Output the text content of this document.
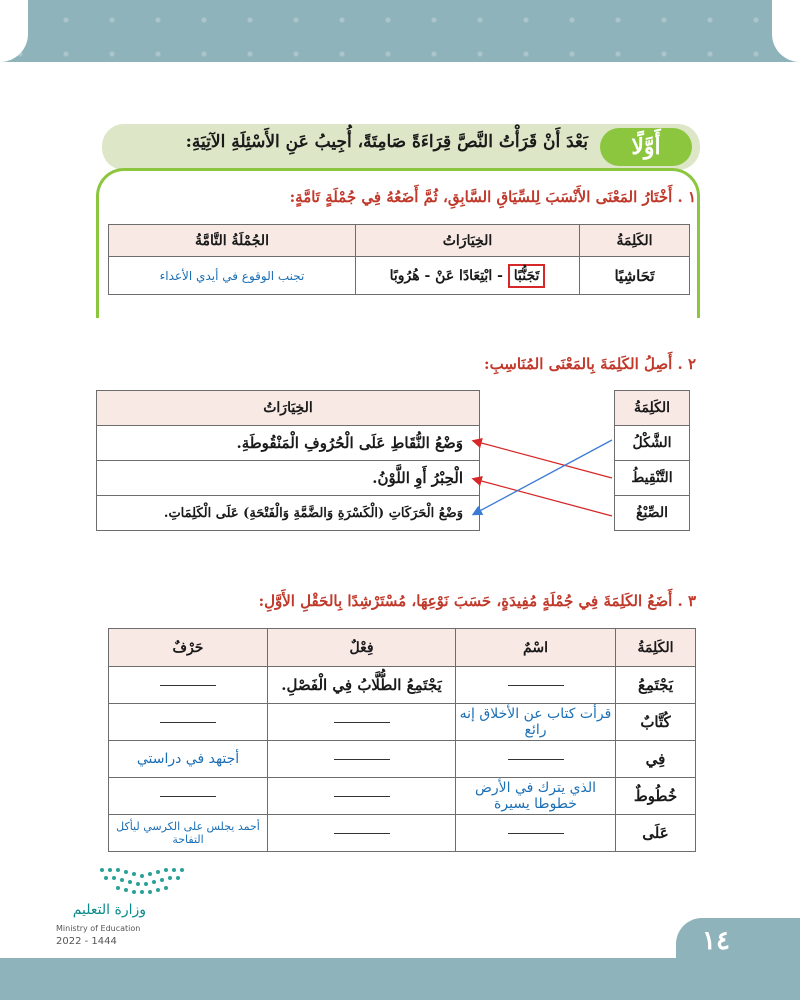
أَوَّلًا
بَعْدَ أَنْ قَرَأْتُ النَّصَّ قِرَاءَةً صَامِتَةً، أُجِيبُ عَنِ الأَسْئِلَةِ الآتِيَةِ:
١ . أَخْتَارُ المَعْنَى الأَنْسَبَ لِلسِّيَاقِ السَّابِقِ، ثُمَّ أَضَعُهُ فِي جُمْلَةٍ تَامَّةٍ:
الكَلِمَةُ	الخِيَارَاتُ	الجُمْلَةُ التَّامَّةُ
تَحَاشِيًا	تَجَنُّبًا - ابْتِعَادًا عَنْ - هُرُوبًا	تجنب الوقوع في أيدي الأعداء
٢ . أَصِلُ الكَلِمَةَ بِالمَعْنَى المُنَاسِبِ:
الخِيَارَاتُ
وَضْعُ النُّقَاطِ عَلَى الْحُرُوفِ الْمَنْقُوطَةِ.
الْحِبْرُ أَوِ اللَّوْنُ.
وَضْعُ الْحَرَكَاتِ (الْكَسْرَةِ وَالضَّمَّةِ وَالْفَتْحَةِ) عَلَى الْكَلِمَاتِ.
الكَلِمَةُ
الشَّكْلُ
التَّنْقِيطُ
الصِّبْغُ
٣ . أَضَعُ الكَلِمَةَ فِي جُمْلَةٍ مُفِيدَةٍ، حَسَبَ نَوْعِهَا، مُسْتَرْشِدًا بِالحَقْلِ الأَوَّلِ:
الكَلِمَةُ	اسْمٌ	فِعْلٌ	حَرْفٌ
يَجْتَمِعُ		يَجْتَمِعُ الطُّلَّابُ فِي الْفَصْلِ.	
كُتَّابٌ	قرأت كتاب عن الأخلاق إنه رائع		
فِي			أجتهد في دراستي
خُطُوطٌ	الذي يترك في الأرض خطوطا يسيرة		
عَلَى			أحمد يجلس على الكرسي ليأكل التفاحة
وزارة التعليم
Ministry of Education
2022 - 1444	١٤
